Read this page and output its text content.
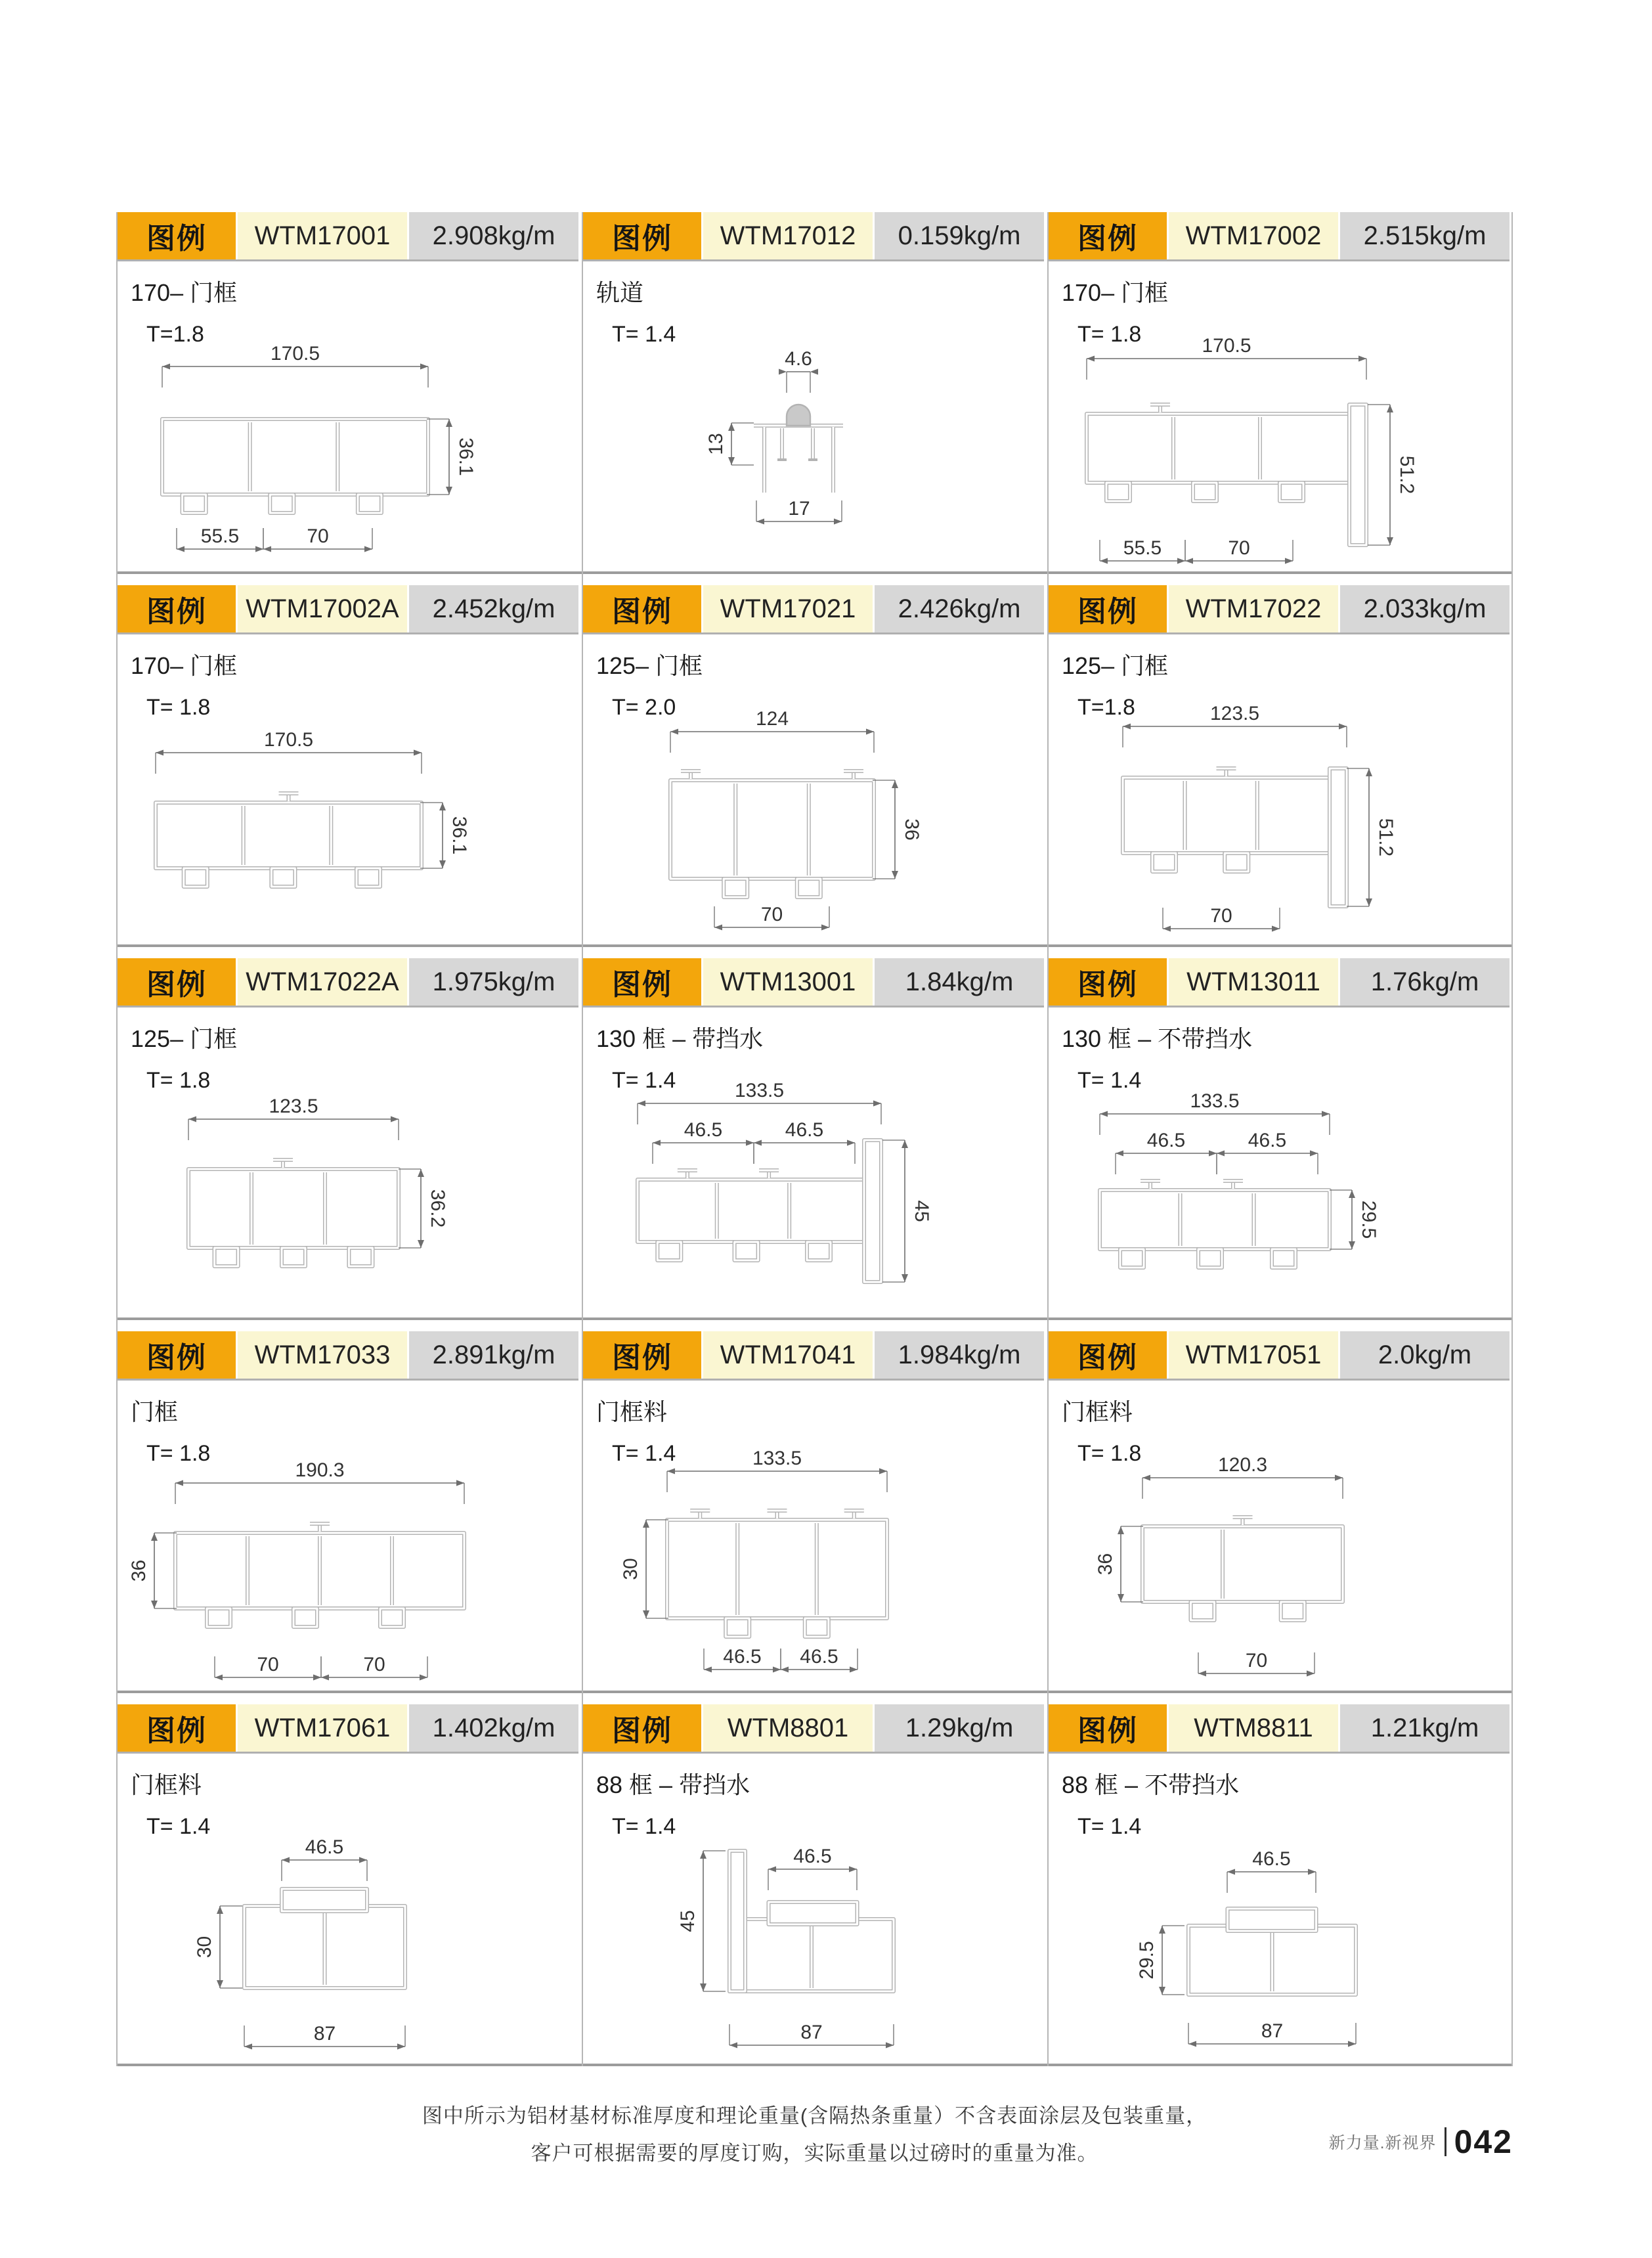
图例	WTM17001	2.908kg/m
170– 门框
T=1.8
170.5
36.1
55.5	70
图例	WTM17012	0.159kg/m
轨道
T= 1.4
4.6
13
17
图例	WTM17002	2.515kg/m
170– 门框
T= 1.8	170.5
51.2
55.5	70
图例	WTM17002A	2.452kg/m
170– 门框
T= 1.8
170.5
36.1
图例	WTM17021	2.426kg/m
125– 门框
T= 2.0	124
36
70
图例	WTM17022	2.033kg/m
125– 门框
T=1.8	123.5
51.2
70
图例	WTM17022A	1.975kg/m
125– 门框
T= 1.8
123.5
36.2
图例	WTM13001	1.84kg/m
130 框 – 带挡水
T= 1.4	133.5
46.5	46.5
45
图例	WTM13011	1.76kg/m
130 框 – 不带挡水
T= 1.4
133.5
46.5	46.5
29.5
图例	WTM17033	2.891kg/m
门框
T= 1.8
190.3
36
70	70
图例	WTM17041	1.984kg/m
门框料
T= 1.4	133.5
30
46.5 46.5
图例	WTM17051	2.0kg/m
门框料
T= 1.8	120.3
36
70
图例	WTM17061	1.402kg/m
门框料
T= 1.4
46.5
30
87
图例	WTM8801	1.29kg/m
88 框 – 带挡水
T= 1.4
46.5
45
87
图例	WTM8811	1.21kg/m
88 框 – 不带挡水
T= 1.4
46.5
29.5
87
图中所示为铝材基材标准厚度和理论重量(含隔热条重量）不含表面涂层及包装重量，
客户可根据需要的厚度订购，实际重量以过磅时的重量为准。	新力量.新视界 042
